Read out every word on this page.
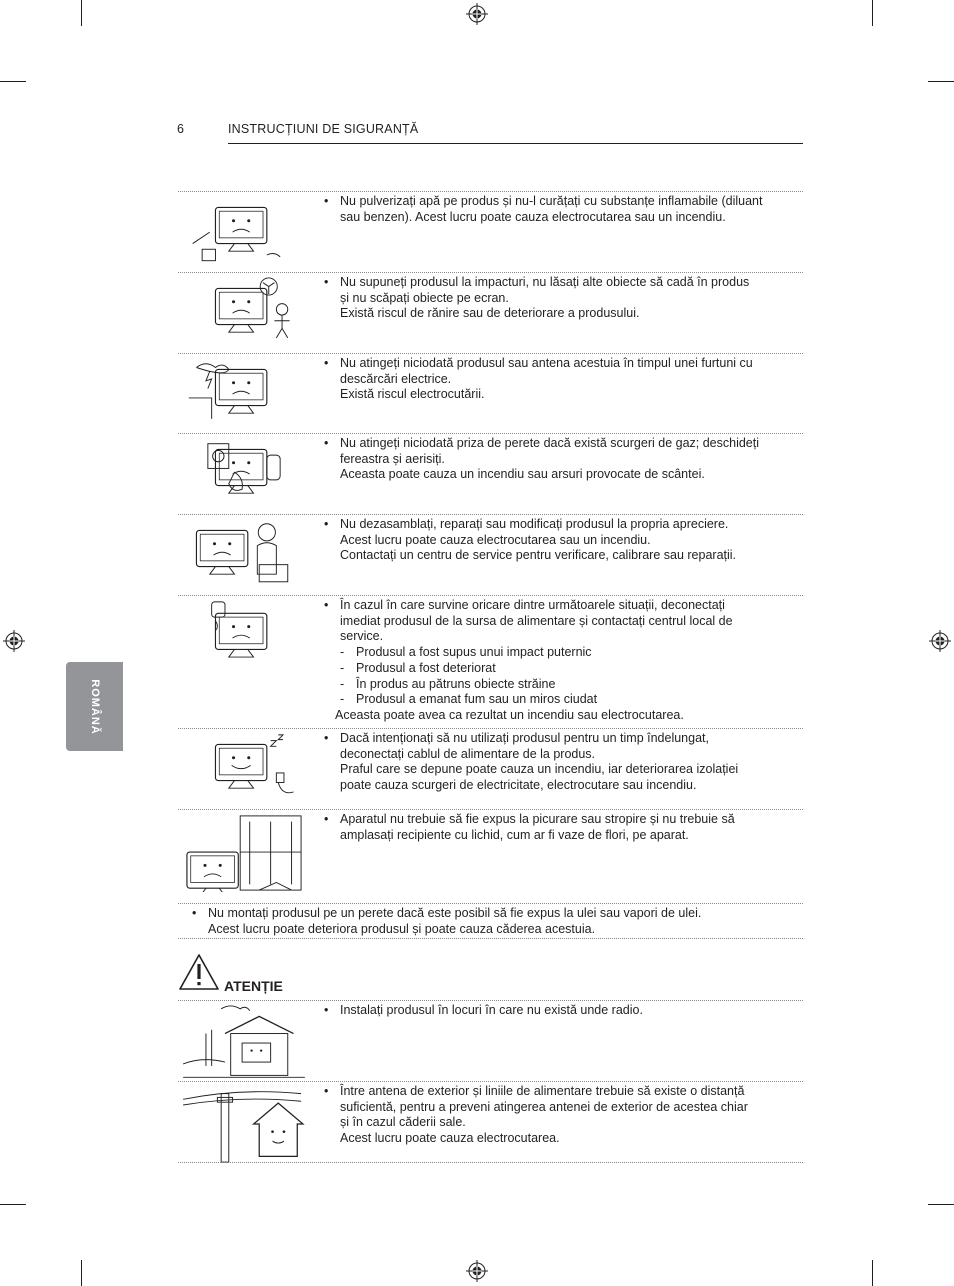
6	INSTRUCȚIUNI DE SIGURANȚĂ
ROMÂNĂ
• Nu pulverizați apă pe produs și nu-l curățați cu substanțe inflamabile (diluant
sau benzen). Acest lucru poate cauza electrocutarea sau un incendiu.
• Nu supuneți produsul la impacturi, nu lăsați alte obiecte să cadă în produs
și nu scăpați obiecte pe ecran.
Există riscul de rănire sau de deteriorare a produsului.
• Nu atingeți niciodată produsul sau antena acestuia în timpul unei furtuni cu
descărcări electrice.
Există riscul electrocutării.
• Nu atingeți niciodată priza de perete dacă există scurgeri de gaz; deschideți
fereastra și aerisiți.
Aceasta poate cauza un incendiu sau arsuri provocate de scântei.
• Nu dezasamblați, reparați sau modificați produsul la propria apreciere.
Acest lucru poate cauza electrocutarea sau un incendiu.
Contactați un centru de service pentru verificare, calibrare sau reparații.
• În cazul în care survine oricare dintre următoarele situații, deconectați
imediat produsul de la sursa de alimentare și contactați centrul local de
service.
- Produsul a fost supus unui impact puternic
- Produsul a fost deteriorat
- În produs au pătruns obiecte străine
- Produsul a emanat fum sau un miros ciudat
Aceasta poate avea ca rezultat un incendiu sau electrocutarea.
• Dacă intenționați să nu utilizați produsul pentru un timp îndelungat,
deconectați cablul de alimentare de la produs.
Praful care se depune poate cauza un incendiu, iar deteriorarea izolației
poate cauza scurgeri de electricitate, electrocutare sau incendiu.
• Aparatul nu trebuie să fie expus la picurare sau stropire și nu trebuie să
amplasați recipiente cu lichid, cum ar fi vaze de flori, pe aparat.
• Nu montați produsul pe un perete dacă este posibil să fie expus la ulei sau vapori de ulei.
Acest lucru poate deteriora produsul și poate cauza căderea acestuia.
ATENȚIE
• Instalați produsul în locuri în care nu există unde radio.
• Între antena de exterior și liniile de alimentare trebuie să existe o distanță
suficientă, pentru a preveni atingerea antenei de exterior de acestea chiar
și în cazul căderii sale.
Acest lucru poate cauza electrocutarea.
